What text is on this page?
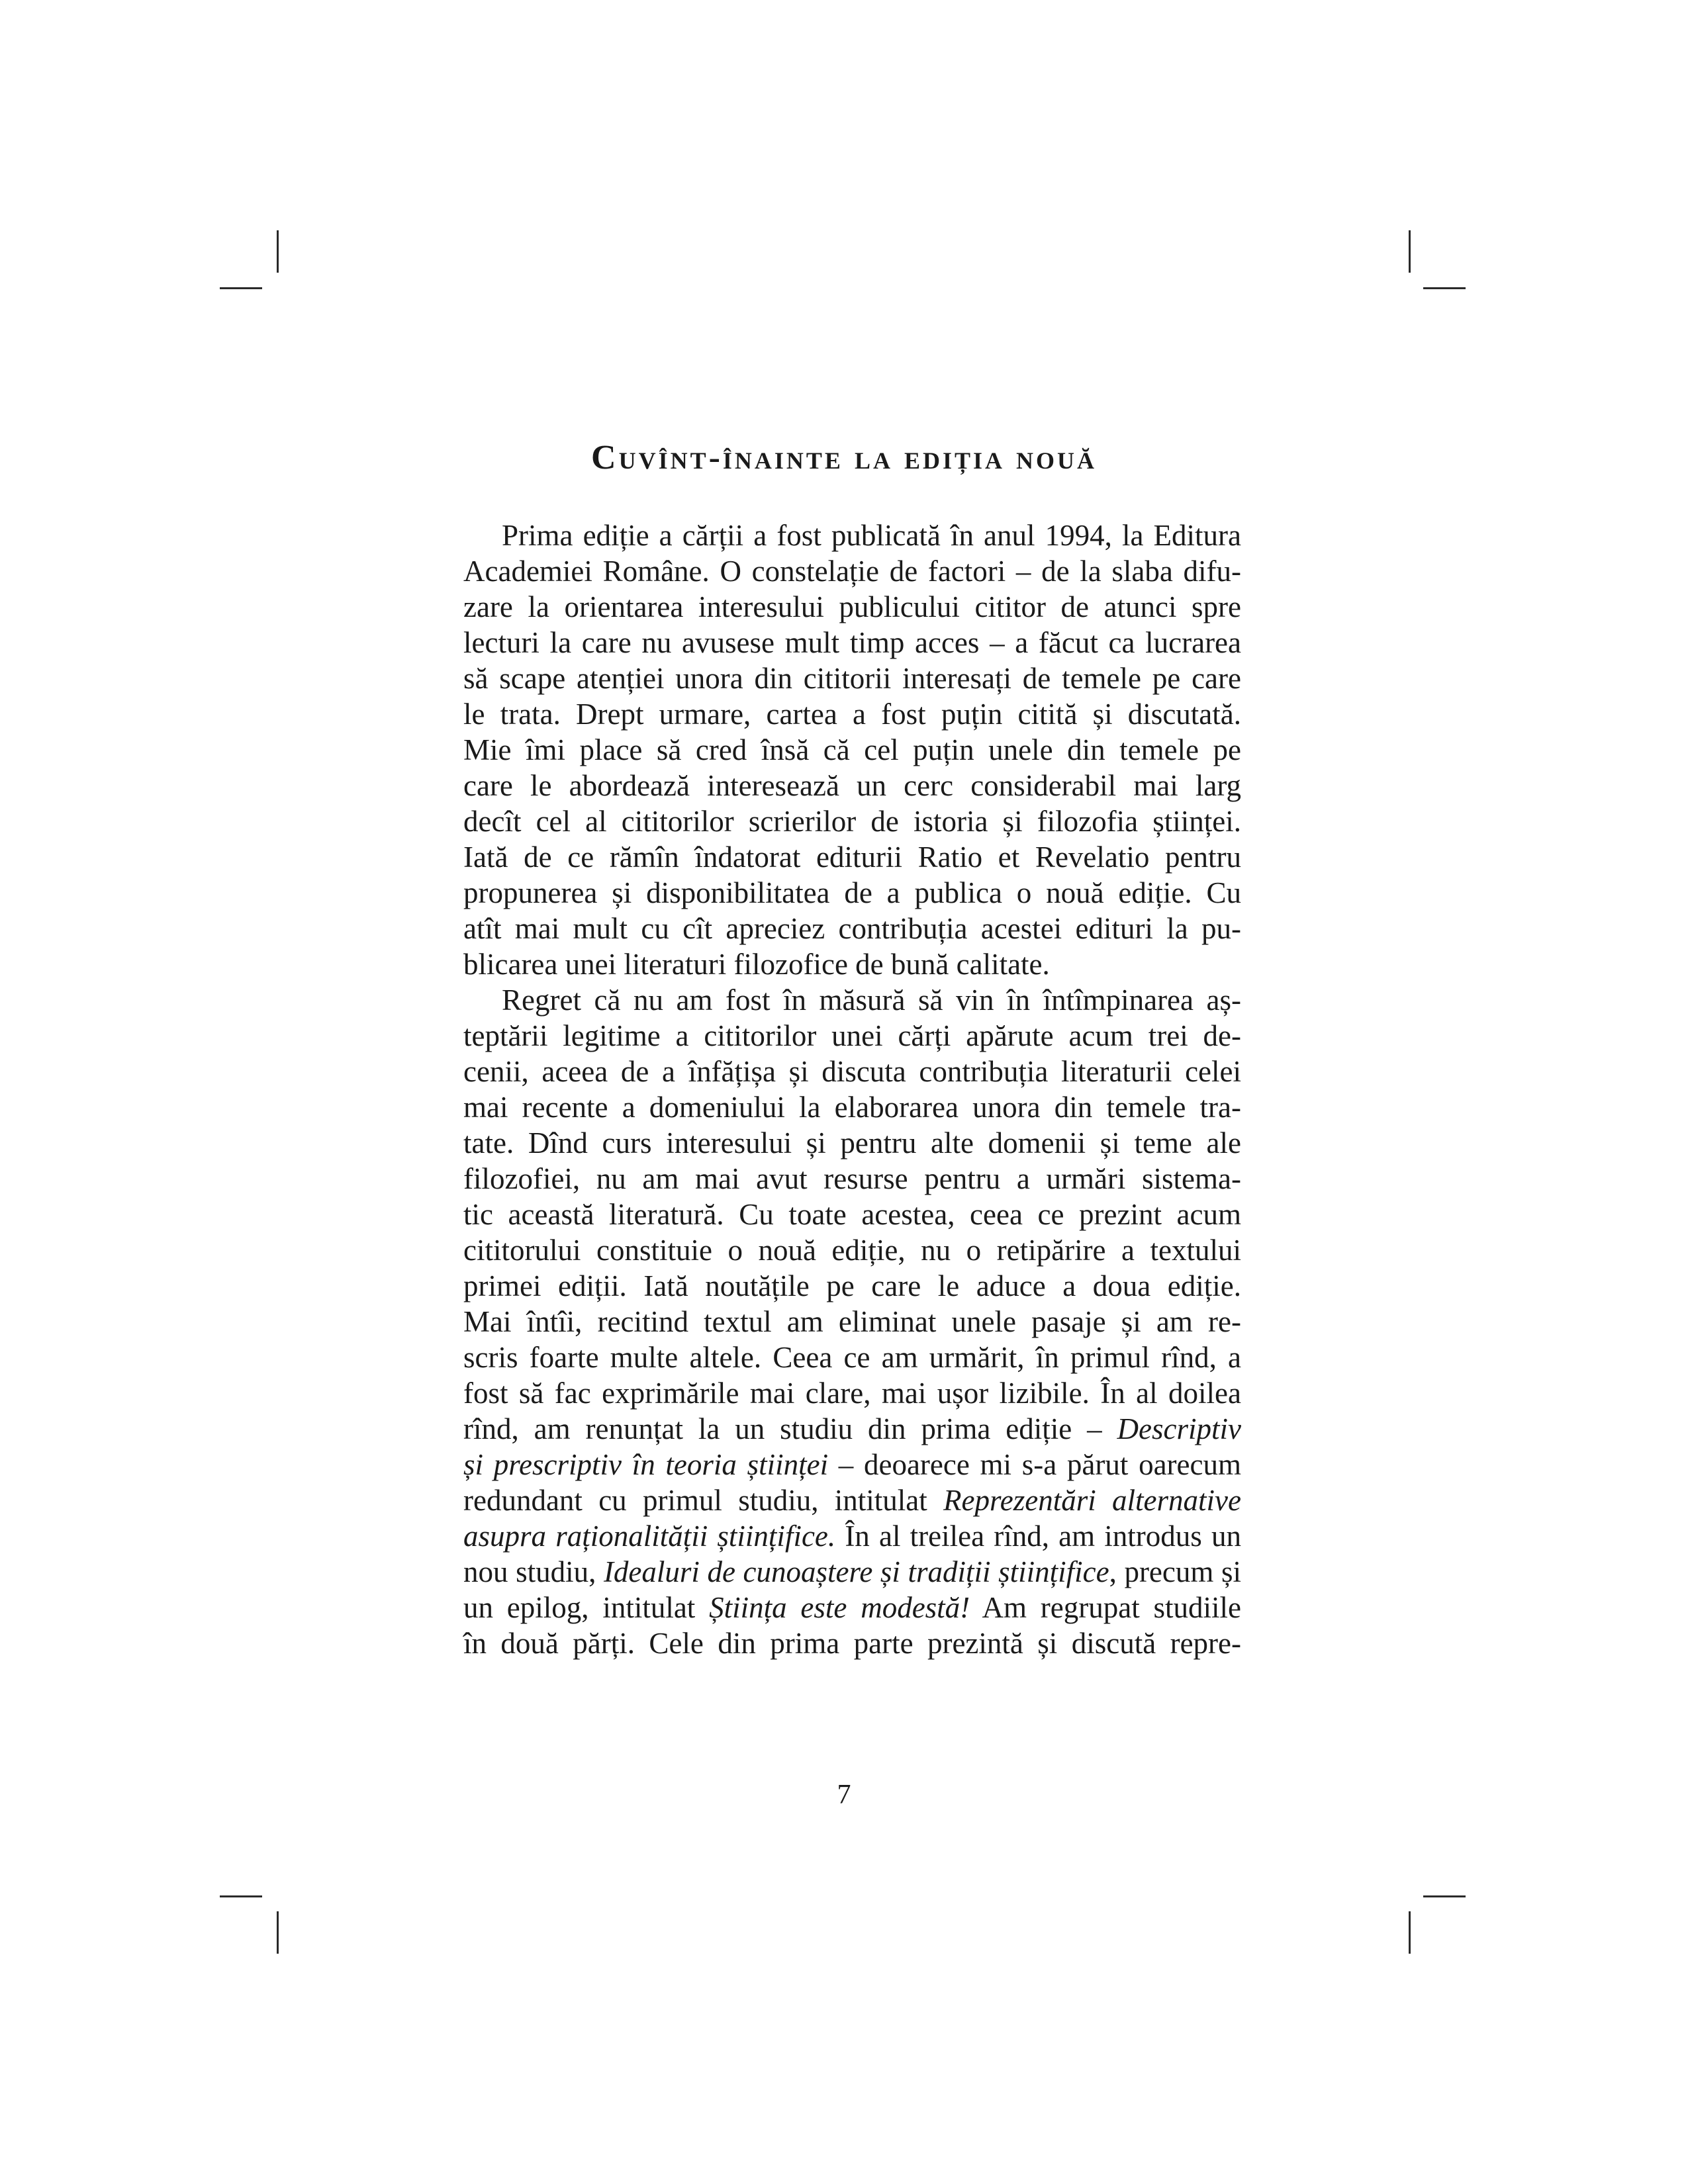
Cuvînt-înainte la ediția nouă

Prima ediție a cărții a fost publicată în anul 1994, la Editura
Academiei Române. O constelație de factori – de la slaba difu-
zare la orientarea interesului publicului cititor de atunci spre
lecturi la care nu avusese mult timp acces – a făcut ca lucrarea
să scape atenției unora din cititorii interesați de temele pe care
le trata. Drept urmare, cartea a fost puțin citită și discutată.
Mie îmi place să cred însă că cel puțin unele din temele pe
care le abordează interesează un cerc considerabil mai larg
decît cel al cititorilor scrierilor de istoria și filozofia științei.
Iată de ce rămîn îndatorat editurii Ratio et Revelatio pentru
propunerea și disponibilitatea de a publica o nouă ediție. Cu
atît mai mult cu cît apreciez contribuția acestei edituri la pu-
blicarea unei literaturi filozofice de bună calitate.

Regret că nu am fost în măsură să vin în întîmpinarea aș-
teptării legitime a cititorilor unei cărți apărute acum trei de-
cenii, aceea de a înfățișa și discuta contribuția literaturii celei
mai recente a domeniului la elaborarea unora din temele tra-
tate. Dînd curs interesului și pentru alte domenii și teme ale
filozofiei, nu am mai avut resurse pentru a urmări sistema-
tic această literatură. Cu toate acestea, ceea ce prezint acum
cititorului constituie o nouă ediție, nu o retipărire a textului
primei ediții. Iată noutățile pe care le aduce a doua ediție.
Mai întîi, recitind textul am eliminat unele pasaje și am re-
scris foarte multe altele. Ceea ce am urmărit, în primul rînd, a
fost să fac exprimările mai clare, mai ușor lizibile. În al doilea
rînd, am renunțat la un studiu din prima ediție – Descriptiv
și prescriptiv în teoria științei – deoarece mi s-a părut oarecum
redundant cu primul studiu, intitulat Reprezentări alternative
asupra raționalității științifice. În al treilea rînd, am introdus un
nou studiu, Idealuri de cunoaștere și tradiții științifice, precum și
un epilog, intitulat Știința este modestă! Am regrupat studiile
în două părți. Cele din prima parte prezintă și discută repre-

7
